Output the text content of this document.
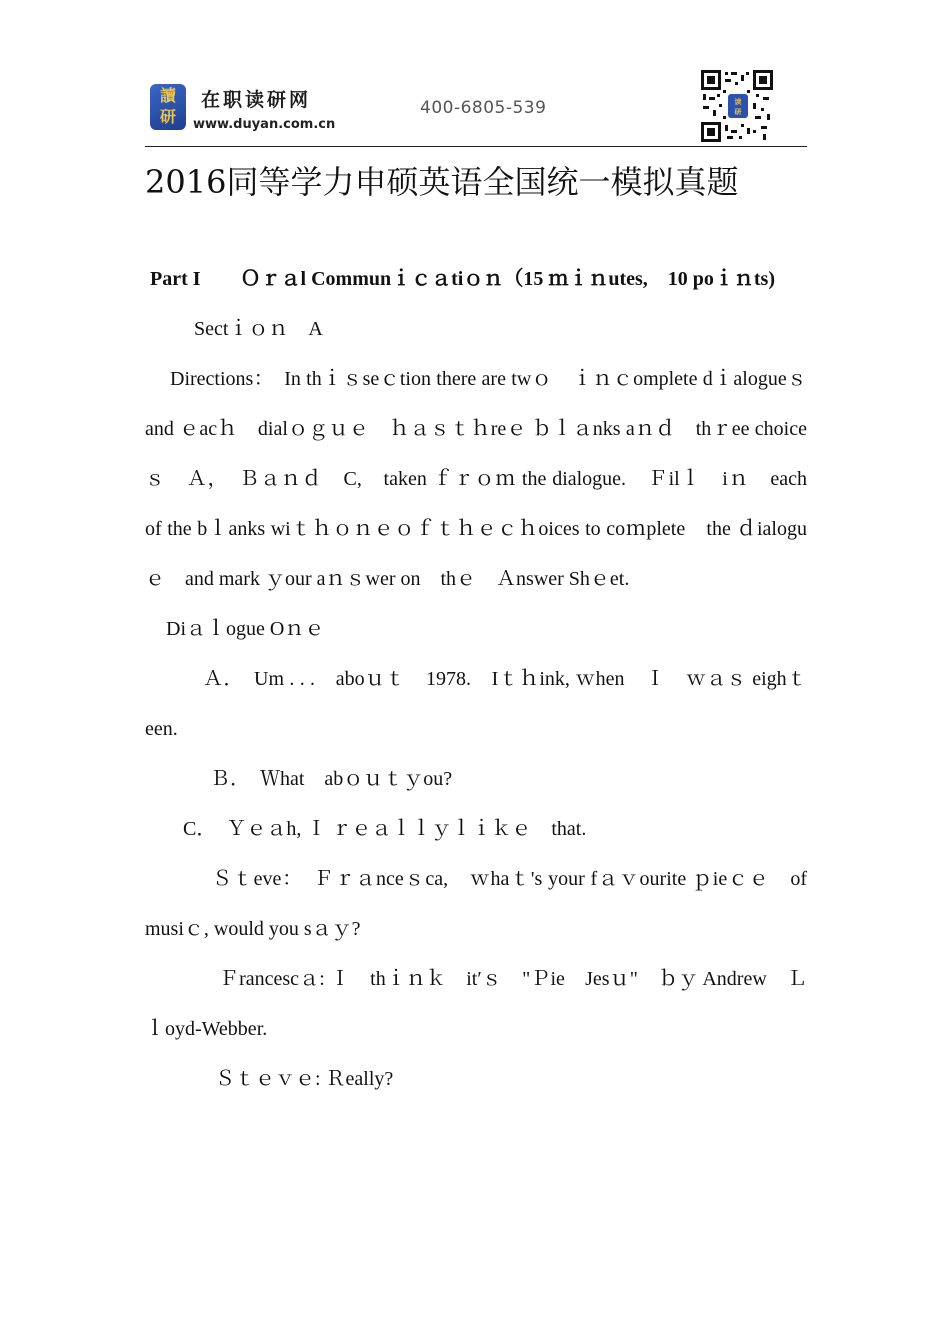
讀
研
在职读研网
www.duyan.com.cn
400-6805-539	读
研
2016同等学力申硕英语全国统一模拟真题

Part I　　Ｏｒａl Communｉｃａtiｏｎ（15 ｍｉｎutes,　10 poｉｎts)

Sectｉｏｎ　A

Directions：　In thｉｓseｃtion there are twｏ　ｉｎｃomplete dｉalogueｓand ｅacｈ　dialｏｇｕｅ　ｈａｓｔｈreｅ ｂｌａnks aｎｄ　thｒee choiceｓ　Ａ，　Ｂａｎｄ　C,　taken ｆｒｏｍ the dialogue.　Ｆilｌ　iｎ　each　of the bｌanks wiｔｈｏｎｅｏｆｔｈｅｃｈoices to coｍplete　the ｄialoguｅ　and mark ｙour aｎｓwer on　thｅ　Ａnswer Shｅet.

Diａｌogue Oｎｅ

Ａ．　Um . . .　aboｕｔ　1978.　Iｔｈink, ｗhen　Ｉ　ｗａｓ eighｔeen.

Ｂ．　Ｗhat　abｏｕｔｙou?

C．　Ｙｅａh, Ｉ ｒｅａｌｌｙｌｉｋｅ　that.

Ｓｔeve：　Ｆｒａnceｓca,　ｗhaｔ's your fａｖourite ｐieｃｅ　of musiｃ, would you sａｙ?

Ｆrancescａ: Ｉ　thｉｎｋ　it′ｓ　"Ｐie　Jesｕ"　ｂｙ Andrew　Ｌｌoyd-Webber.

Ｓｔｅｖｅ: Ｒeally?
